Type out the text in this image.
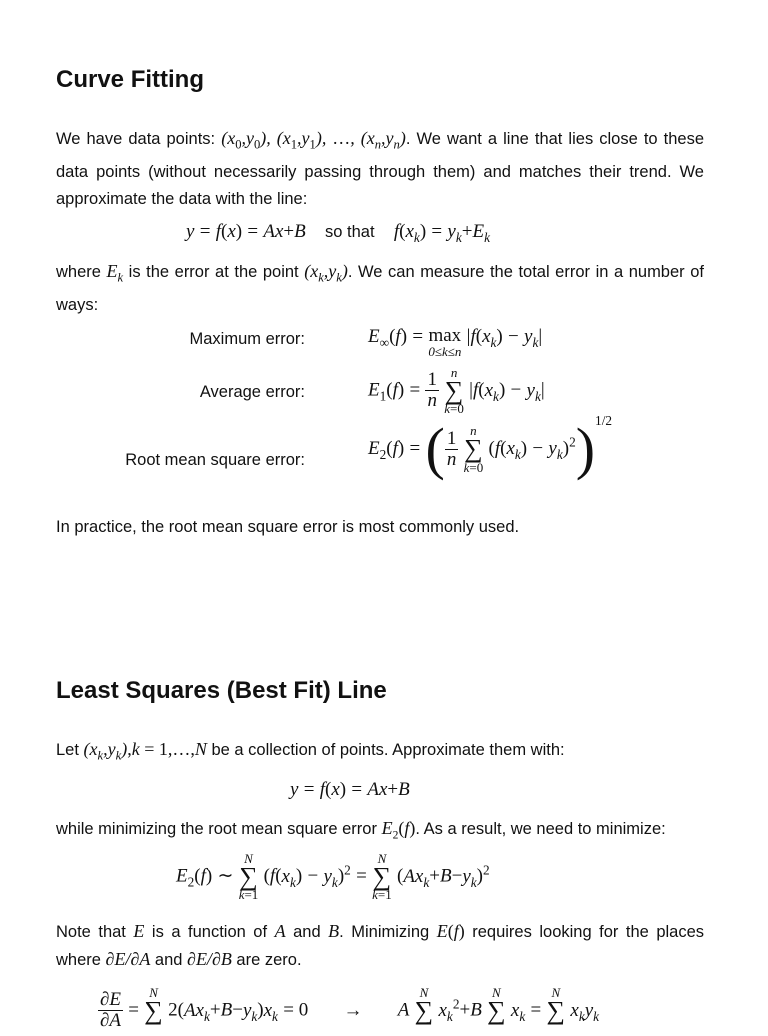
Curve Fitting
We have data points: $(x_0,y_0)$, $(x_1,y_1)$, …, $(x_n,y_n)$. We want a line that lies close to these data points (without necessarily passing through them) and matches their trend. We approximate the data with the line:
y = f(x) = Ax+B so that $f(x_k) = y_k+E_k$
where $E_k$ is the error at the point $(x_k,y_k)$. We can measure the total error in a number of ways:
Maximum error:
Average error:
Root mean square error:
$E_\infty(f) = \max$
0≤k≤n
$|f(x_k) - y_k|$
$E_1(f) = \frac{1}{n}$
n
∑
k=0
$|f(x_k) - y_k|$
$E_2(f)$ = ( $\frac{1}{n}$
n
∑
k=0
$(f(x_k) - y_k)^2)^{1/2}$
In practice, the root mean square error is most commonly used.
Least Squares (Best Fit) Line
Let $(x_k,y_k),k$ = 1,…,N be a collection of points. Approximate them with:
y = f(x) = Ax+B
while minimizing the root mean square error $E_2(f)$. As a result, we need to minimize:
$E_2(f)$ ∼
N
∑
k=1
$(f(x_k) - y_k)^2$ =
N
∑
k=1
$(Ax_k+B-y_k)^2$
Note that E is a function of A and B. Minimizing E(f) requires looking for the places where ∂E/∂A and ∂E/∂B are zero.
$\frac{\partial E}{\partial A}$ =
N
∑
$2(Ax_k+B-y_k)x_k = 0 \to A$
N
∑
$x_k^2+B$
N
∑
$x_k$ =
N
∑
$x_ky_k$
